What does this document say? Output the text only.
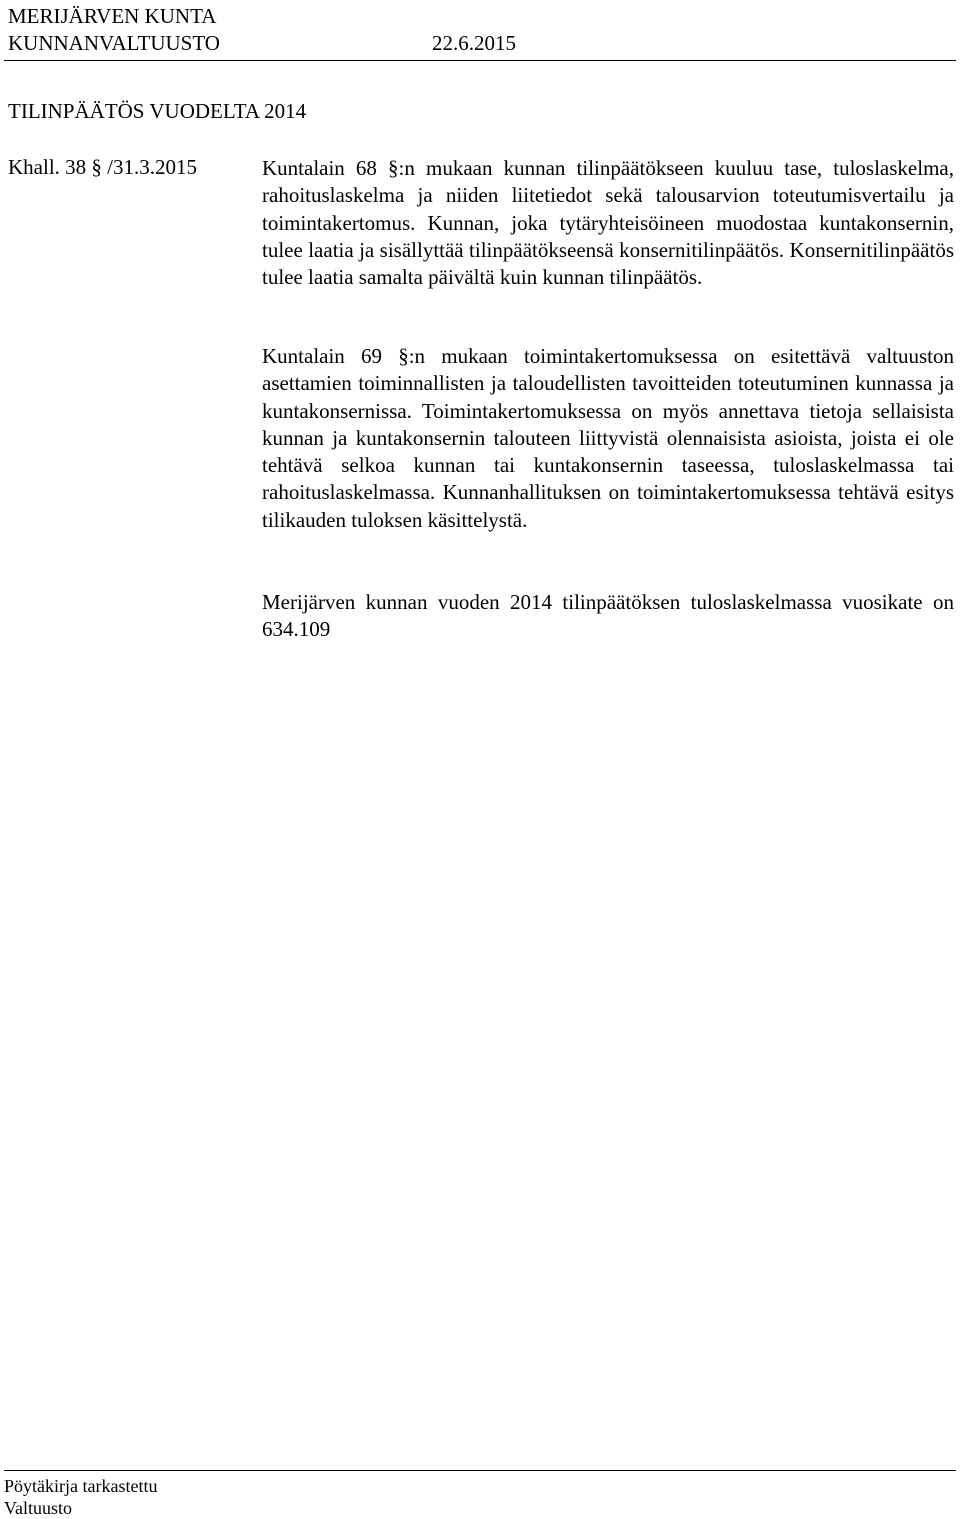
MERIJÄRVEN KUNTA
KUNNANVALTUUSTO	22.6.2015
TILINPÄÄTÖS VUODELTA 2014
Khall. 38 § /31.3.2015	Kuntalain 68 §:n mukaan kunnan tilinpäätökseen kuuluu tase, tuloslaskelma, rahoituslaskelma ja niiden liitetiedot sekä talousarvion toteutumisvertailu ja toimintakertomus. Kunnan, joka tytäryhteisöineen muodostaa kuntakonsernin, tulee laatia ja sisällyttää tilinpäätökseensä konsernitilinpäätös. Konsernitilinpäätös tulee laatia samalta päivältä kuin kunnan tilinpäätös.

Kuntalain 69 §:n mukaan toimintakertomuksessa on esitettävä valtuuston asettamien toiminnallisten ja taloudellisten tavoitteiden toteutuminen kunnassa ja kuntakonsernissa. Toimintakertomuksessa on myös annettava tietoja sellaisista kunnan ja kuntakonsernin talouteen liittyvistä olennaisista asioista, joista ei ole tehtävä selkoa kunnan tai kuntakonsernin taseessa, tuloslaskelmassa tai rahoituslaskelmassa. Kunnanhallituksen on toimintakertomuksessa tehtävä esitys tilikauden tuloksen käsittelystä.

Merijärven kunnan vuoden 2014 tilinpäätöksen tuloslaskelmassa vuosikate on 634.109

Pöytäkirja tarkastettu
Valtuusto
